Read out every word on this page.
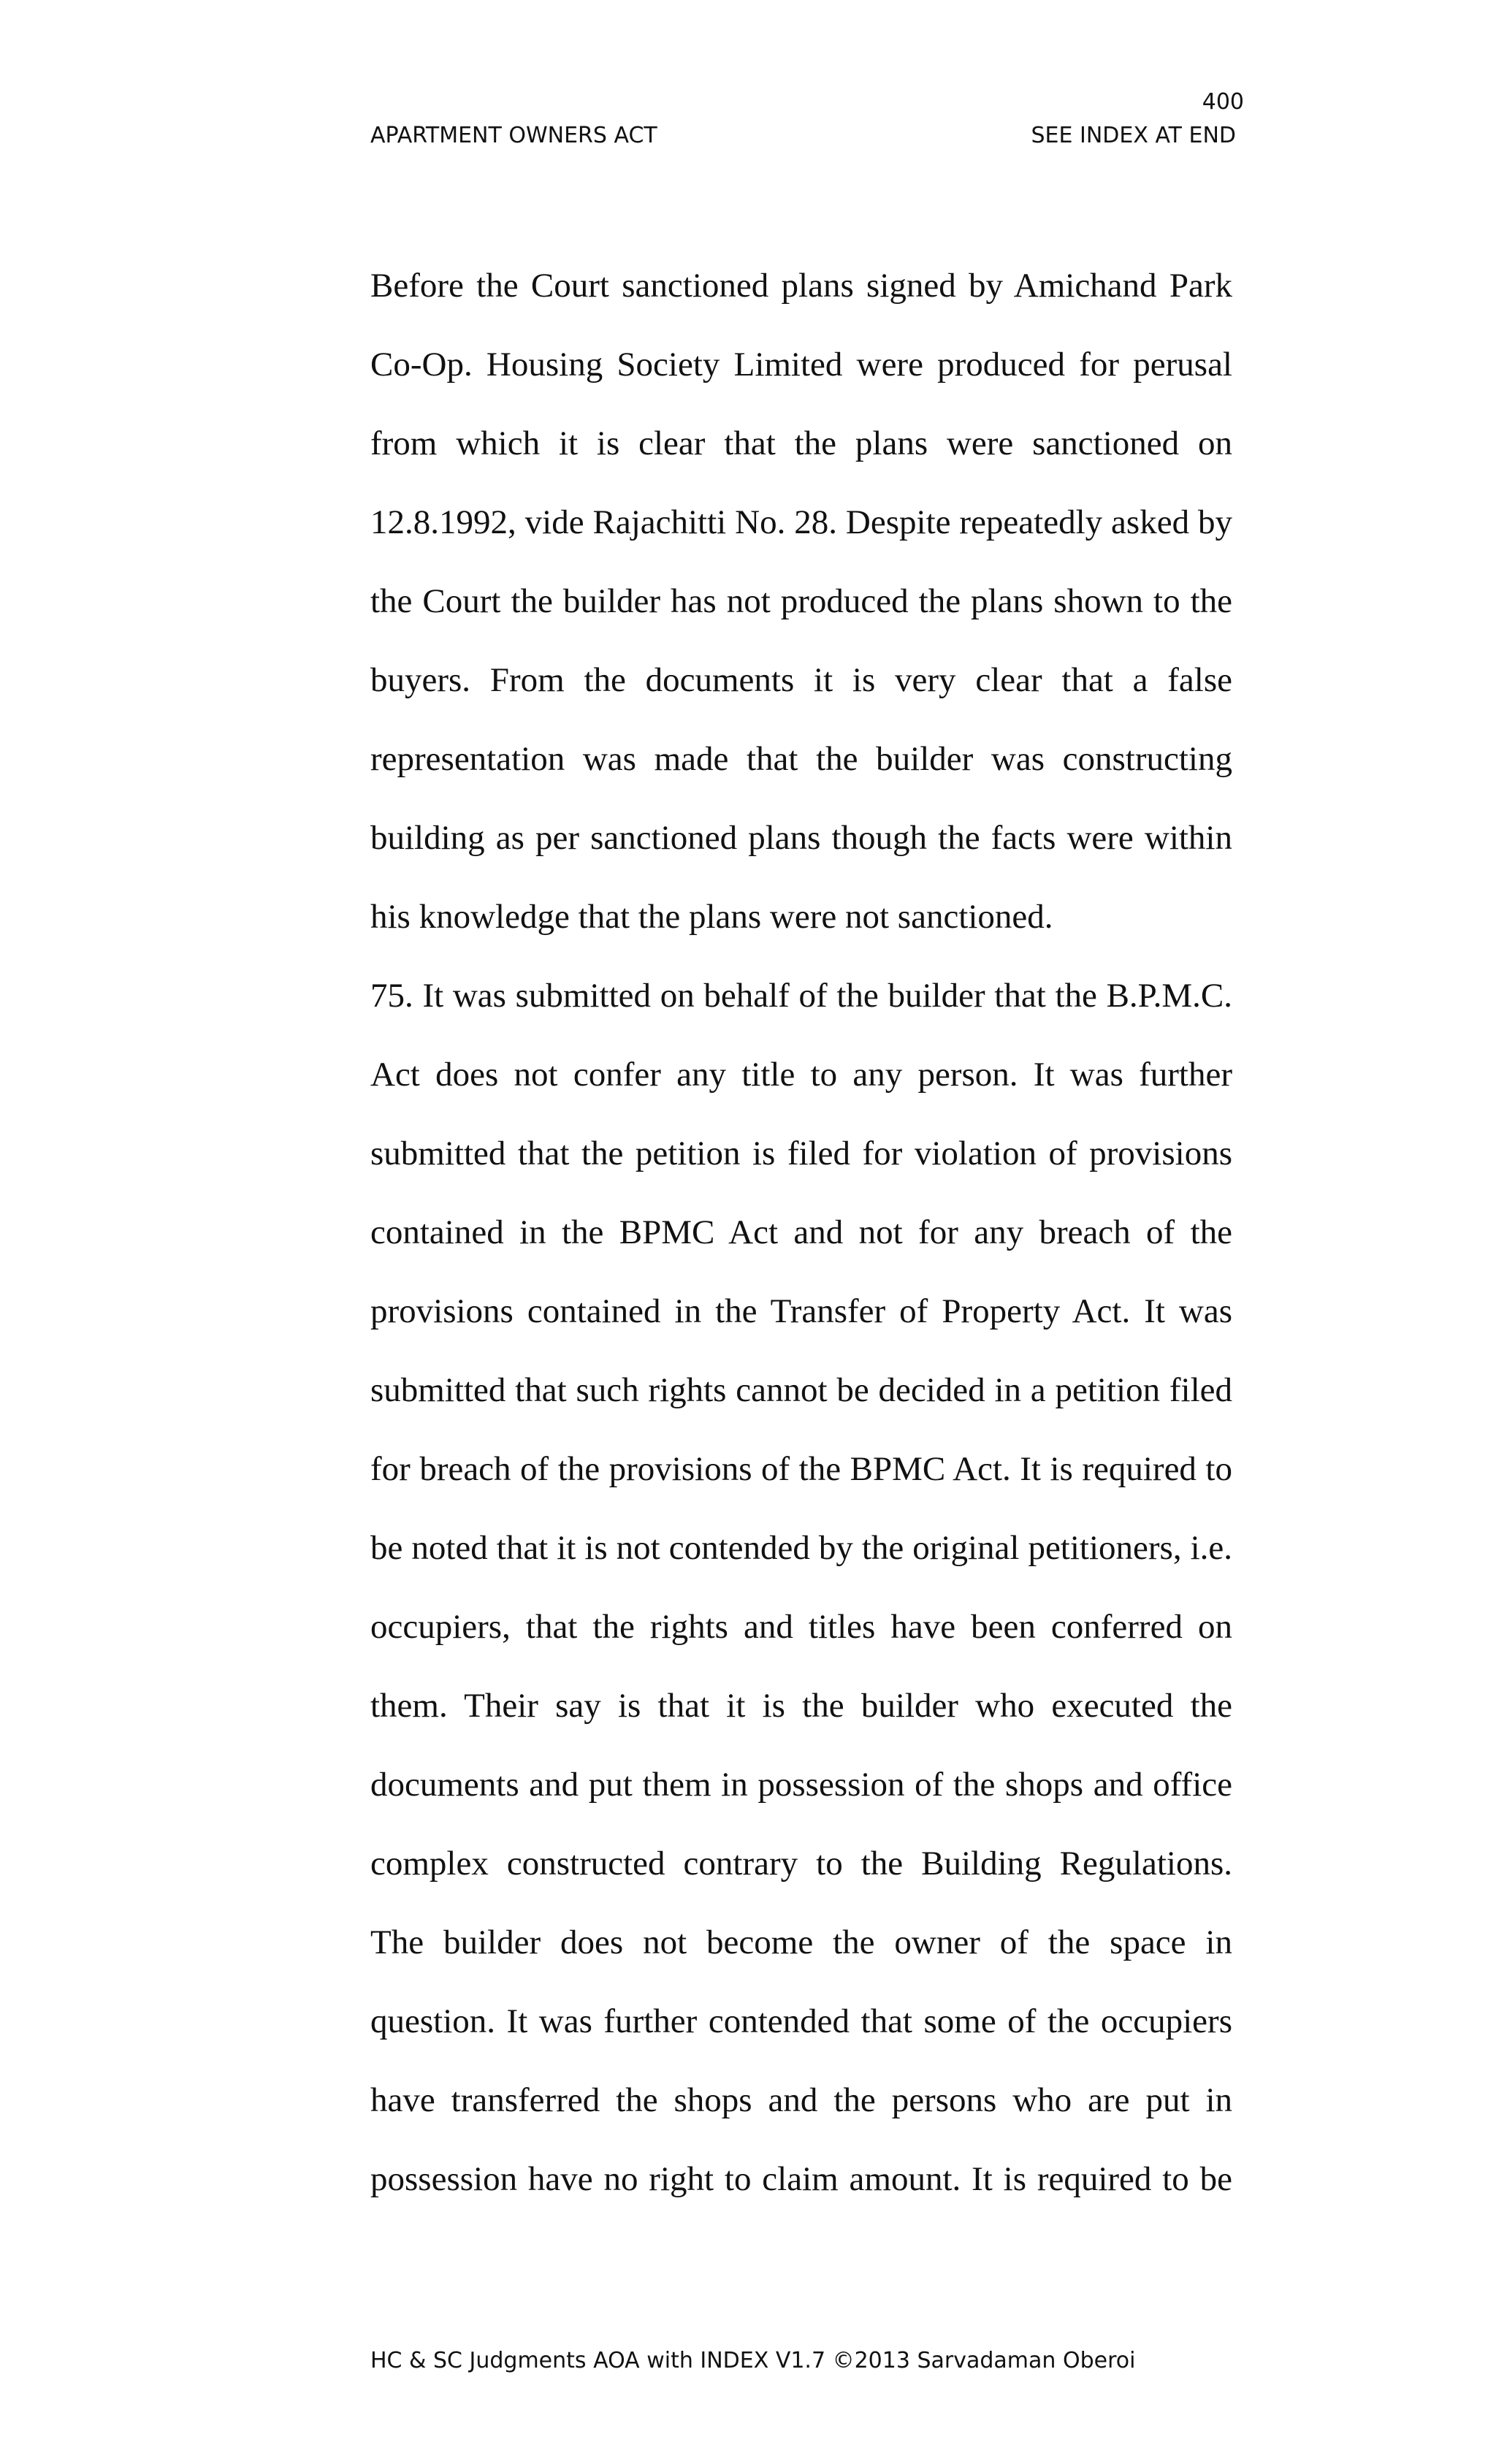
400
APARTMENT OWNERS ACT	SEE INDEX AT END
Before the Court sanctioned plans signed by Amichand Park
Co-Op. Housing Society Limited were produced for perusal
from which it is clear that the plans were sanctioned on
12.8.1992, vide Rajachitti No. 28. Despite repeatedly asked by
the Court the builder has not produced the plans shown to the
buyers. From the documents it is very clear that a false
representation was made that the builder was constructing
building as per sanctioned plans though the facts were within
his knowledge that the plans were not sanctioned.
75. It was submitted on behalf of the builder that the B.P.M.C.
Act does not confer any title to any person. It was further
submitted that the petition is filed for violation of provisions
contained in the BPMC Act and not for any breach of the
provisions contained in the Transfer of Property Act. It was
submitted that such rights cannot be decided in a petition filed
for breach of the provisions of the BPMC Act. It is required to
be noted that it is not contended by the original petitioners, i.e.
occupiers, that the rights and titles have been conferred on
them. Their say is that it is the builder who executed the
documents and put them in possession of the shops and office
complex constructed contrary to the Building Regulations.
The builder does not become the owner of the space in
question. It was further contended that some of the occupiers
have transferred the shops and the persons who are put in
possession have no right to claim amount. It is required to be
HC & SC Judgments AOA with INDEX V1.7 ©2013 Sarvadaman Oberoi
